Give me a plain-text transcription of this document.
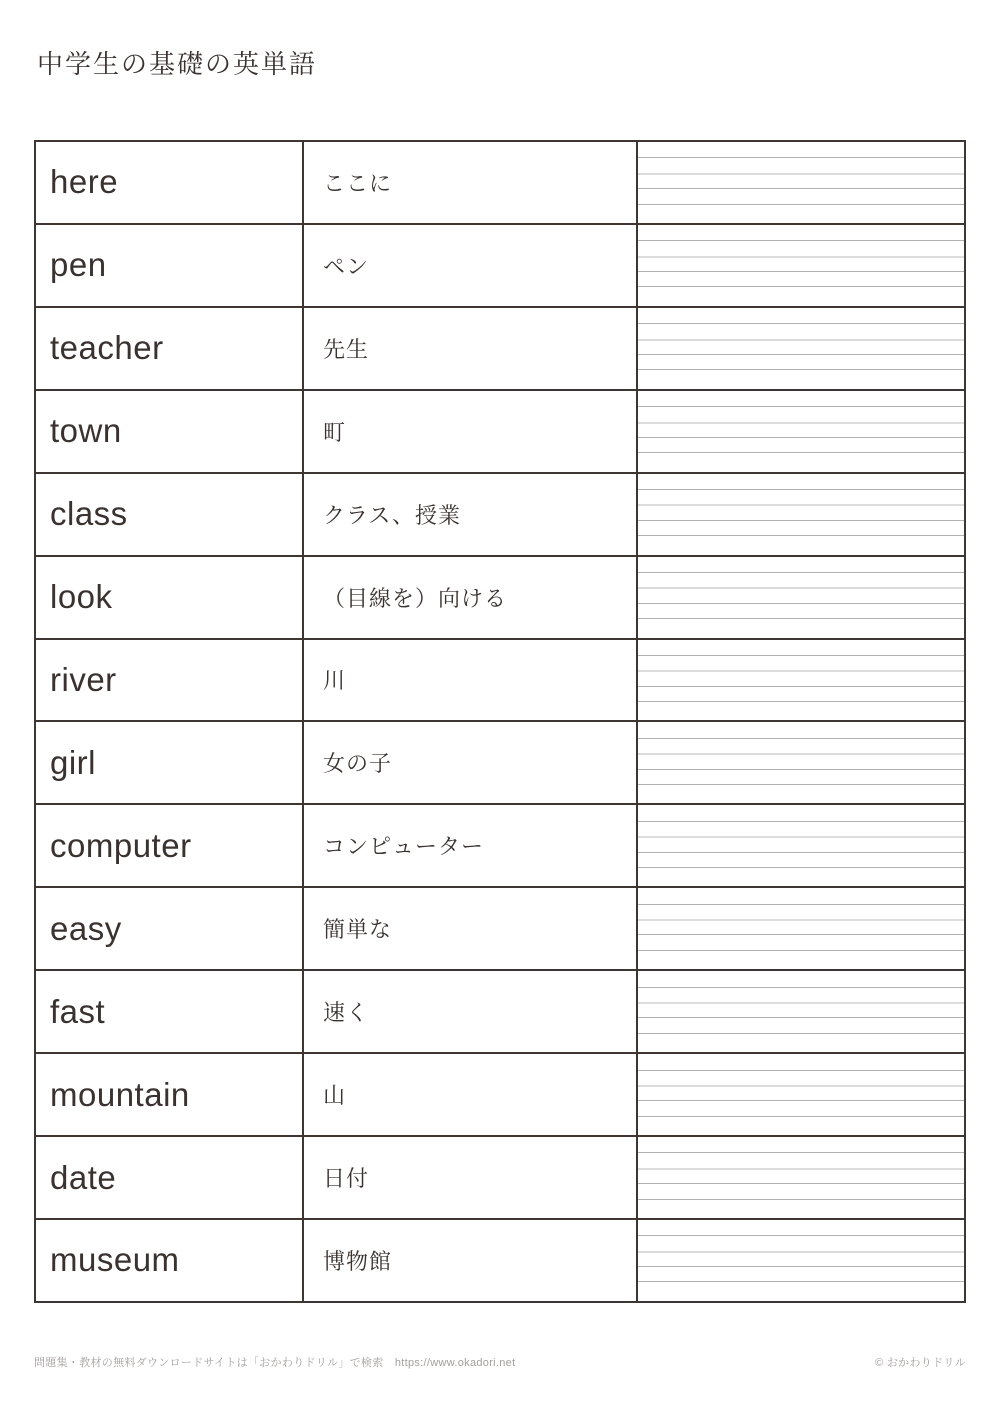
中学生の基礎の英単語
here	ここに
pen	ペン
teacher	先生
town	町
class	クラス、授業
look	（目線を）向ける
river	川
girl	女の子
computer	コンピューター
easy	簡単な
fast	速く
mountain	山
date	日付
museum	博物館
問題集・教材の無料ダウンロードサイトは「おかわりドリル」で検索　https://www.okadori.net	© おかわりドリル
